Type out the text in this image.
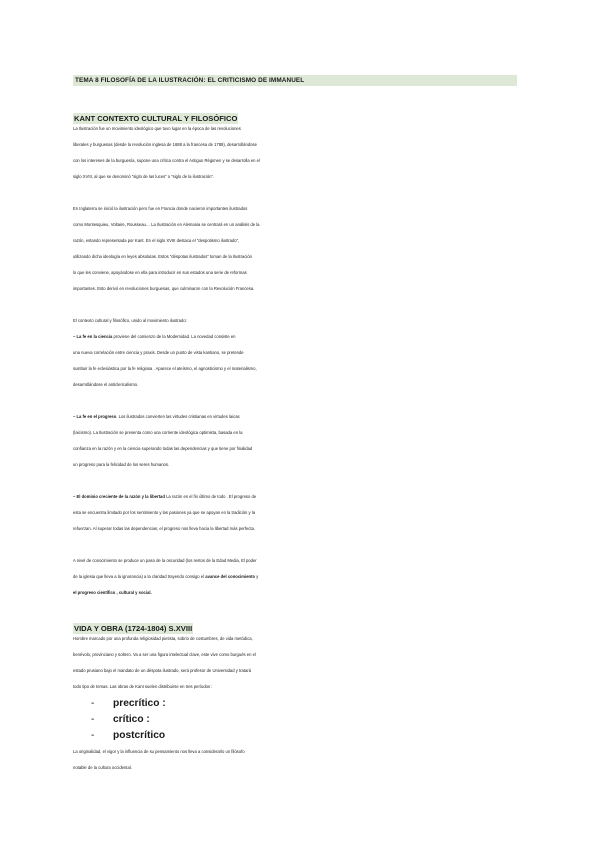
TEMA 8 FILOSOFÍA DE LA ILUSTRACIÓN: EL CRITICISMO DE IMMANUEL
KANT CONTEXTO CULTURAL Y FILOSÓFICO
La Ilustración fue un movimiento ideológico que tuvo lugar en la época de las revoluciones
liberales y burguesas (desde la revolución inglesa de 1688 a la francesa de 1789), desarrollándose
con los intereses de la burguesía, supone una crítica contra el Antiguo Régimen y se desarrolla en el
siglo XVIII, al que se denominó “siglo de las luces” o “siglo de la ilustración”.
En Inglaterra se inició la ilustración pero fue en Francia donde nacieron importantes ilustrados
como Montesquieu, Voltaire, Rousseau… La Ilustración en Alemania se centrará en un análisis de la
razón, estando representada por Kant. En el siglo XVIII destaca el “despotismo ilustrado”,
utilizando dicha ideología en leyes absolutas. Estos “déspotas ilustrados” toman de la Ilustración
lo que les conviene, apoyándose en ella para introducir en sus estados una serie de reformas
importantes. Esto derivó en revoluciones burguesas, que culminaron con la Revolución Francesa.
El contexto cultural y filosófico, unido al movimiento ilustrado:
– La fe en la ciencia proviene del comienzo de la Modernidad. La novedad consiste en
una nueva correlación entre ciencia y praxis. Desde un punto de vista kantiano, se pretende
sustituir la fe eclesiástica por la fe religiosa . Aparece el ateísmo, el agnosticismo y el materialismo,
desarrollándose el anticlericalismo.
– La fe en el progreso. Los ilustrados convierten las virtudes cristianas en virtudes laicas
(laicismo). La Ilustración se presenta como una corriente ideológica optimista, basada en la
confianza en la razón y en la ciencia superando todas las dependencias y que tiene por finalidad
un progreso para la felicidad de los seres humanos.
– El dominio creciente de la razón y la libertad La razón es el fin último de todo . El progreso de
esta se encuentra limitado por los sentimiento y las pasiones ya que se apoyan en la tradición y la
refuerzan. Al superar todas las dependencias, el progreso nos lleva hacia la libertad más perfecta.
A nivel de conocimiento se produce un paso de la oscuridad (los restos de la Edad Media, El poder
de la iglesia que lleva a la ignorancia) a la claridad trayendo consigo el avance del conocimiento y
el progreso científico , cultural y social.
VIDA Y OBRA (1724-1804) S.XVIII
Hombre marcado por una profunda religiosidad pietista, sobrio de costumbres, de vida metódica,
benévolo, provinciano y soltero. Va a ser una figura intelectual clave, este vive como burgués en el
estado prusiano bajo el mandato de un déspota ilustrado, será profesor de Universidad y tratará
todo tipo de temas. Las obras de Kant suelen distribuirse en tres períodos :
- precrítico :
- crítico :
- postcrítico
La originalidad, el vigor y la influencia de su pensamiento nos lleva a considerarlo un filósofo
notable de la cultura occidental.
